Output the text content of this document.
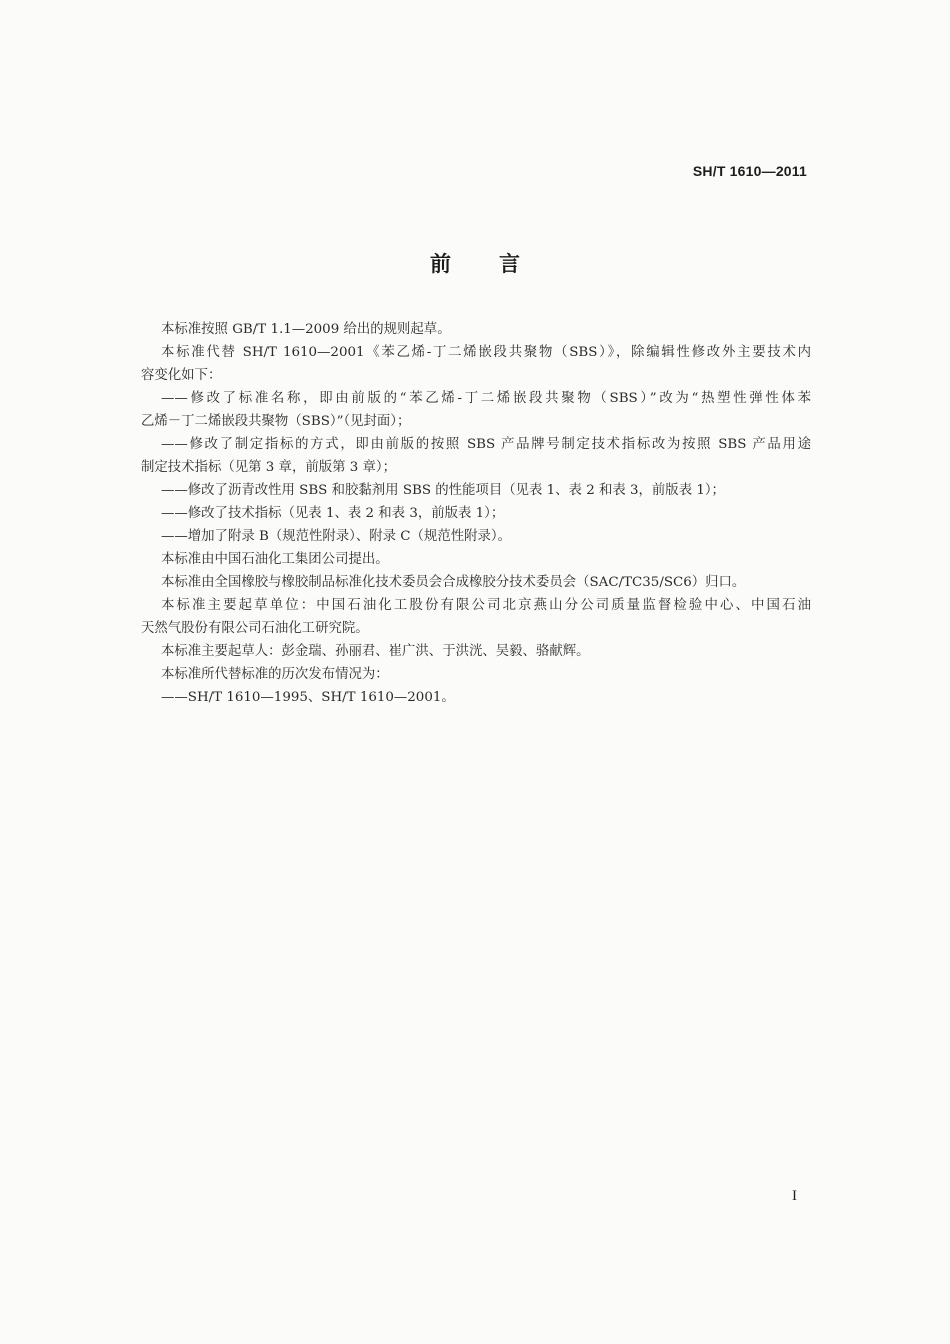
SH/T 1610—2011
前言

本标准按照 GB/T 1.1—2009 给出的规则起草。

本标准代替 SH/T 1610—2001《苯乙烯-丁二烯嵌段共聚物（SBS）》，除编辑性修改外主要技术内

容变化如下：

——修改了标准名称，即由前版的“苯乙烯-丁二烯嵌段共聚物（SBS）”改为“热塑性弹性体苯

乙烯－丁二烯嵌段共聚物（SBS）”（见封面）；

——修改了制定指标的方式，即由前版的按照 SBS 产品牌号制定技术指标改为按照 SBS 产品用途

制定技术指标（见第 3 章，前版第 3 章）；

——修改了沥青改性用 SBS 和胶黏剂用 SBS 的性能项目（见表 1、表 2 和表 3，前版表 1）；

——修改了技术指标（见表 1、表 2 和表 3，前版表 1）；

——增加了附录 B（规范性附录）、附录 C（规范性附录）。

本标准由中国石油化工集团公司提出。

本标准由全国橡胶与橡胶制品标准化技术委员会合成橡胶分技术委员会（SAC/TC35/SC6）归口。

本标准主要起草单位：中国石油化工股份有限公司北京燕山分公司质量监督检验中心、中国石油

天然气股份有限公司石油化工研究院。

本标准主要起草人：彭金瑞、孙丽君、崔广洪、于洪洸、吴毅、骆献辉。

本标准所代替标准的历次发布情况为：

——SH/T 1610—1995、SH/T 1610—2001。

I
